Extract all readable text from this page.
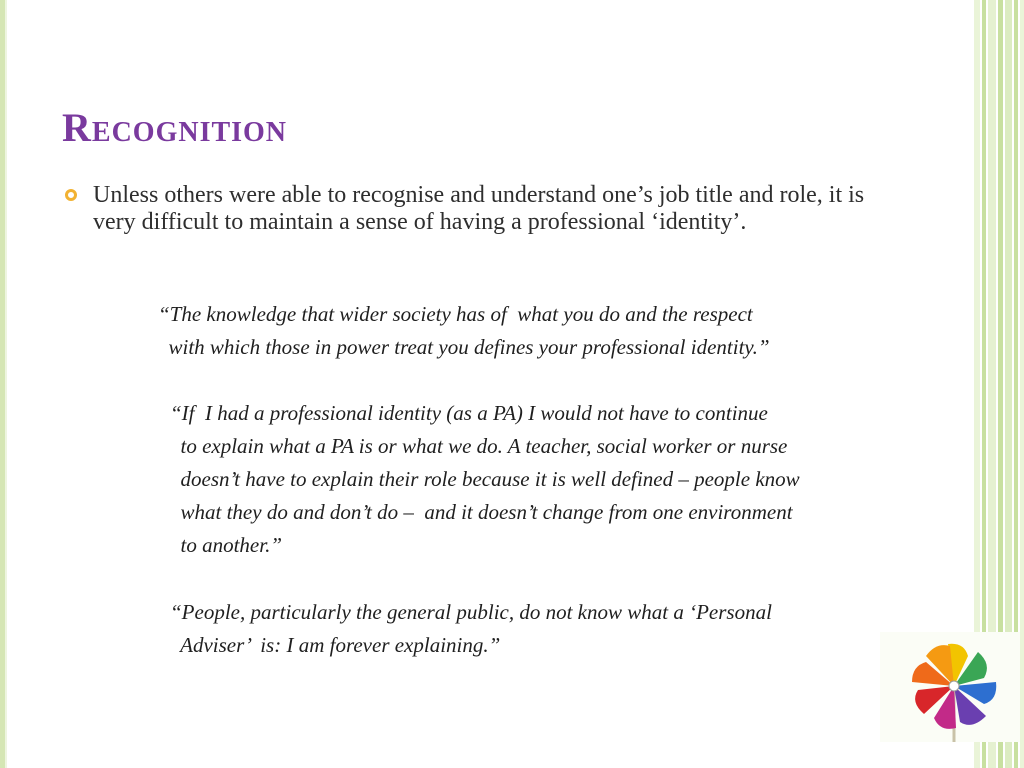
Recognition

Unless others were able to recognise and understand one’s job title and role, it is very difficult to maintain a sense of having a professional ‘identity’.

“The knowledge that wider society has of  what you do and the respect
with which those in power treat you defines your professional identity.”
“If  I had a professional identity (as a PA) I would not have to continue
to explain what a PA is or what we do. A teacher, social worker or nurse
doesn’t have to explain their role because it is well defined – people know
what they do and don’t do –  and it doesn’t change from one environment
to another.”
“People, particularly the general public, do not know what a ‘Personal
Adviser’  is: I am forever explaining.”
